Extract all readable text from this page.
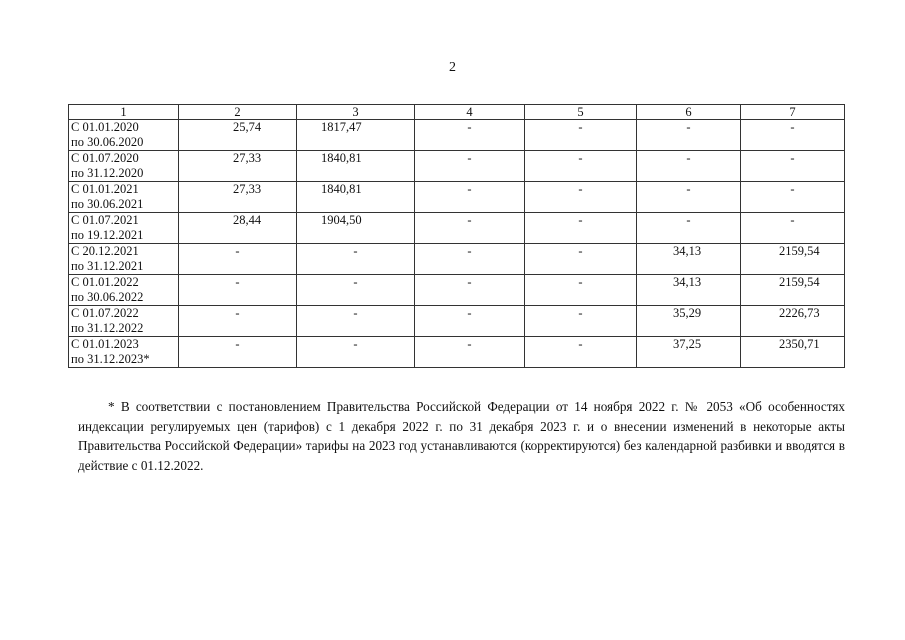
2
1	2	3	4	5	6	7

С 01.01.2020
по 30.06.2020	25,74	1817,47	-	-	-	-

С 01.07.2020
по 31.12.2020	27,33	1840,81	-	-	-	-

С 01.01.2021
по 30.06.2021	27,33	1840,81	-	-	-	-

С 01.07.2021
по 19.12.2021	28,44	1904,50	-	-	-	-

С 20.12.2021
по 31.12.2021	-	-	-	-	34,13	2159,54

С 01.01.2022
по 30.06.2022	-	-	-	-	34,13	2159,54

С 01.07.2022
по 31.12.2022	-	-	-	-	35,29	2226,73

С 01.01.2023
по 31.12.2023*	-	-	-	-	37,25	2350,71

* В соответствии с постановлением Правительства Российской Федерации от 14 ноября 2022 г. № 2053 «Об особенностях индексации регулируемых цен (тарифов) с 1 декабря 2022 г. по 31 декабря 2023 г. и о внесении изменений в некоторые акты Правительства Российской Федерации» тарифы на 2023 год устанавливаются (корректируются) без календарной разбивки и вводятся в действие с 01.12.2022.
